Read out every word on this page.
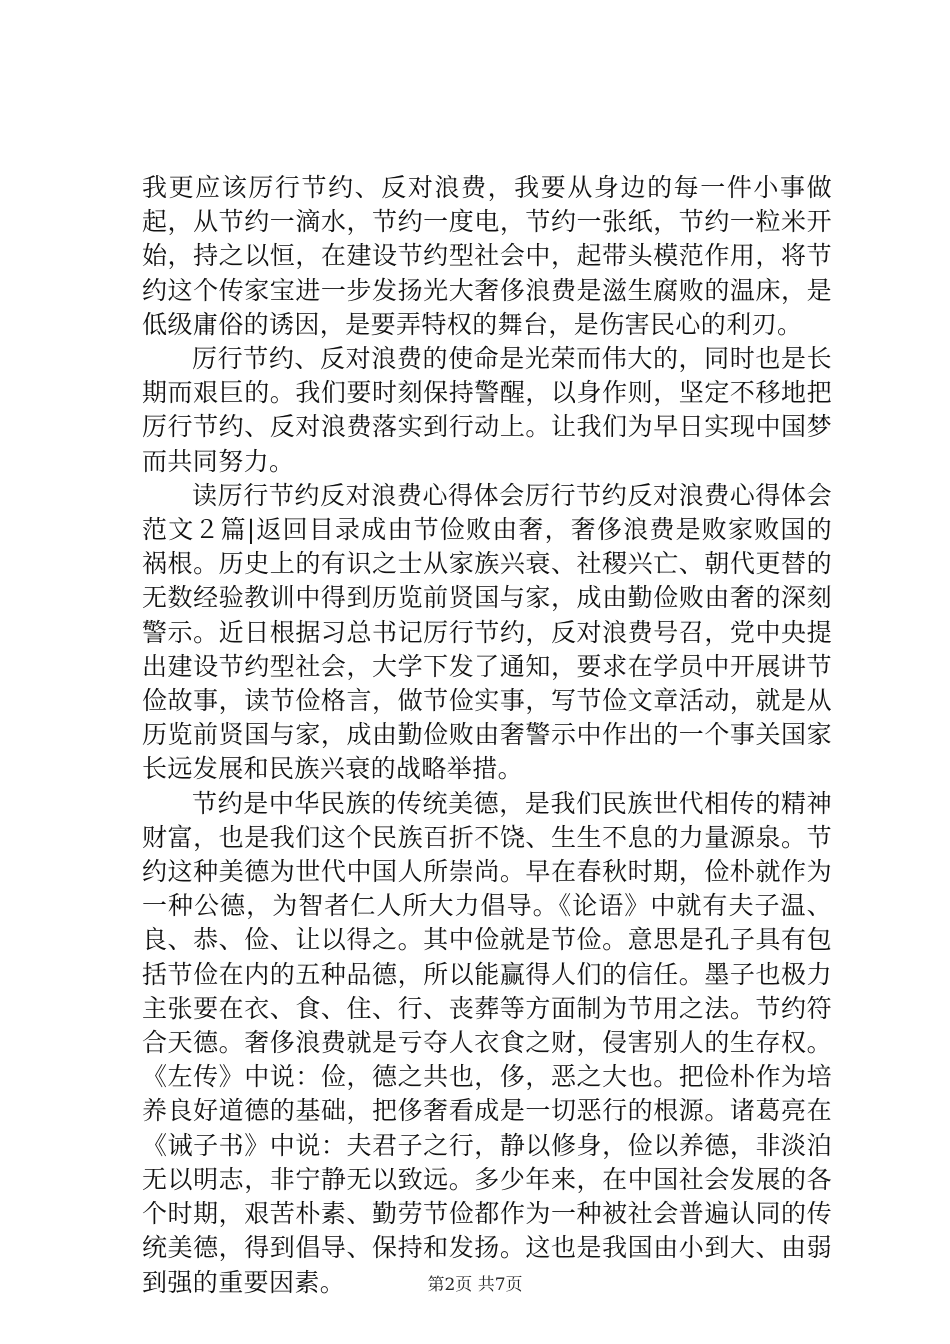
我更应该厉行节约、反对浪费，我要从身边的每一件小事做起，从节约一滴水，节约一度电，节约一张纸，节约一粒米开始，持之以恒，在建设节约型社会中，起带头模范作用，将节约这个传家宝进一步发扬光大奢侈浪费是滋生腐败的温床，是低级庸俗的诱因，是要弄特权的舞台，是伤害民心的利刃。

厉行节约、反对浪费的使命是光荣而伟大的，同时也是长期而艰巨的。我们要时刻保持警醒，以身作则，坚定不移地把厉行节约、反对浪费落实到行动上。让我们为早日实现中国梦而共同努力。

读厉行节约反对浪费心得体会厉行节约反对浪费心得体会范文２篇|返回目录成由节俭败由奢，奢侈浪费是败家败国的祸根。历史上的有识之士从家族兴衰、社稷兴亡、朝代更替的无数经验教训中得到历览前贤国与家，成由勤俭败由奢的深刻警示。近日根据习总书记厉行节约，反对浪费号召，党中央提出建设节约型社会，大学下发了通知，要求在学员中开展讲节俭故事，读节俭格言，做节俭实事，写节俭文章活动，就是从历览前贤国与家，成由勤俭败由奢警示中作出的一个事关国家长远发展和民族兴衰的战略举措。

节约是中华民族的传统美德，是我们民族世代相传的精神财富，也是我们这个民族百折不饶、生生不息的力量源泉。节约这种美德为世代中国人所崇尚。早在春秋时期，俭朴就作为一种公德，为智者仁人所大力倡导。《论语》中就有夫子温、良、恭、俭、让以得之。其中俭就是节俭。意思是孔子具有包括节俭在内的五种品德，所以能赢得人们的信任。墨子也极力主张要在衣、食、住、行、丧葬等方面制为节用之法。节约符合天德。奢侈浪费就是亏夺人衣食之财，侵害别人的生存权。《左传》中说：俭，德之共也，侈，恶之大也。把俭朴作为培养良好道德的基础，把侈奢看成是一切恶行的根源。诸葛亮在《诫子书》中说：夫君子之行，静以修身，俭以养德，非淡泊无以明志，非宁静无以致远。多少年来，在中国社会发展的各个时期，艰苦朴素、勤劳节俭都作为一种被社会普遍认同的传统美德，得到倡导、保持和发扬。这也是我国由小到大、由弱到强的重要因素。	第2页 共7页
